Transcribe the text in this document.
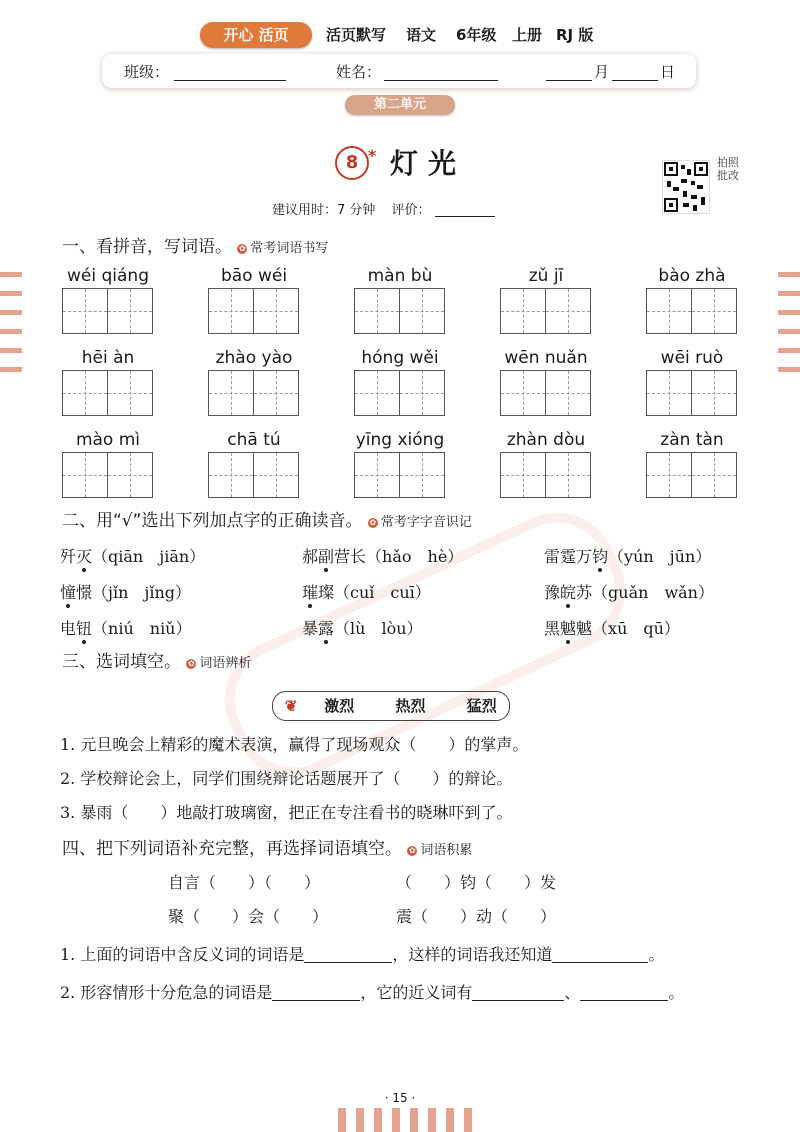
开心 活页	活页默写 语文 6年级 上册 RJ 版
班级：	姓名：	月	日
第二单元
8 * 灯光
建议用时：7 分钟 评价：
拍照批改
一、看拼音，写词语。 ✿ 常考词语书写
wéi qiáng	bāo wéi	màn bù	zǔ jī	bào zhà
hēi àn	zhào yào	hóng wěi	wēn nuǎn	wēi ruò
mào mì	chā tú	yīng xióng	zhàn dòu	zàn tàn
二、用“√”选出下列加点字的正确读音。 ✿ 常考字字音识记
歼灭（qiān　jiān）	郝副营长（hǎo　hè）	雷霆万钧（yún　jūn）
憧憬（jǐn　jǐng）	璀璨（cuǐ　cuī）	豫皖苏（guǎn　wǎn）
电钮（niú　niǔ）	暴露（lù　lòu）	黑魆魆（xū　qū）
三、选词填空。 ✿ 词语辨析
❦ 激烈	热烈	猛烈
1. 元旦晚会上精彩的魔术表演，赢得了现场观众（　　）的掌声。
2. 学校辩论会上，同学们围绕辩论话题展开了（　　）的辩论。
3. 暴雨（　　）地敲打玻璃窗，把正在专注看书的晓琳吓到了。
四、把下列词语补充完整，再选择词语填空。 ✿ 词语积累
自言（　　）（　　）	（　　）钧（　　）发
聚（　　）会（　　）	震（　　）动（　　）
1. 上面的词语中含反义词的词语是	，这样的词语我还知道	。
2. 形容情形十分危急的词语是	，它的近义词有	、	。
· 15 ·
